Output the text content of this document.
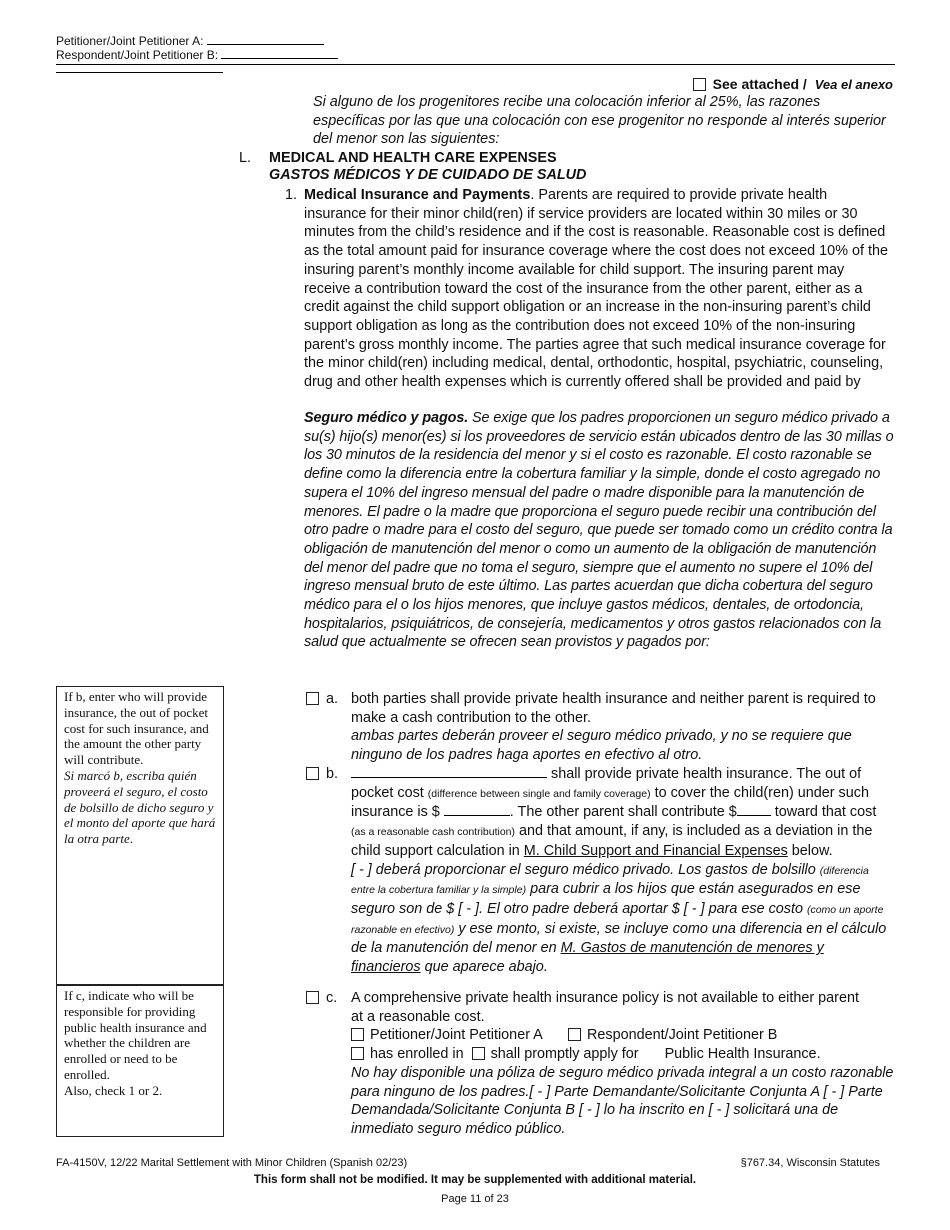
Petitioner/Joint Petitioner A:
Respondent/Joint Petitioner B:
See attached / Vea el anexo
Si alguno de los progenitores recibe una colocación inferior al 25%, las razones específicas por las que una colocación con ese progenitor no responde al interés superior del menor son las siguientes:
L. MEDICAL AND HEALTH CARE EXPENSES
GASTOS MÉDICOS Y DE CUIDADO DE SALUD
1. Medical Insurance and Payments. Parents are required to provide private health insurance for their minor child(ren) if service providers are located within 30 miles or 30 minutes from the child’s residence and if the cost is reasonable. Reasonable cost is defined as the total amount paid for insurance coverage where the cost does not exceed 10% of the insuring parent’s monthly income available for child support. The insuring parent may receive a contribution toward the cost of the insurance from the other parent, either as a credit against the child support obligation or an increase in the non-insuring parent’s child support obligation as long as the contribution does not exceed 10% of the non-insuring parent’s gross monthly income. The parties agree that such medical insurance coverage for the minor child(ren) including medical, dental, orthodontic, hospital, psychiatric, counseling, drug and other health expenses which is currently offered shall be provided and paid by
Seguro médico y pagos. Se exige que los padres proporcionen un seguro médico privado a su(s) hijo(s) menor(es) si los proveedores de servicio están ubicados dentro de las 30 millas o los 30 minutos de la residencia del menor y si el costo es razonable. El costo razonable se define como la diferencia entre la cobertura familiar y la simple, donde el costo agregado no supera el 10% del ingreso mensual del padre o madre disponible para la manutención de menores. El padre o la madre que proporciona el seguro puede recibir una contribución del otro padre o madre para el costo del seguro, que puede ser tomado como un crédito contra la obligación de manutención del menor o como un aumento de la obligación de manutención del menor del padre que no toma el seguro, siempre que el aumento no supere el 10% del ingreso mensual bruto de este último. Las partes acuerdan que dicha cobertura del seguro médico para el o los hijos menores, que incluye gastos médicos, dentales, de ortodoncia, hospitalarios, psiquiátricos, de consejería, medicamentos y otros gastos relacionados con la salud que actualmente se ofrecen sean provistos y pagados por:
a. both parties shall provide private health insurance and neither parent is required to make a cash contribution to the other.
ambas partes deberán proveer el seguro médico privado, y no se requiere que ninguno de los padres haga aportes en efectivo al otro.
b.	shall provide private health insurance. The out of pocket cost (difference between single and family coverage) to cover the child(ren) under such insurance is $	. The other parent shall contribute $ toward that cost (as a reasonable cash contribution) and that amount, if any, is included as a deviation in the child support calculation in M. Child Support and Financial Expenses below.
[ - ] deberá proporcionar el seguro médico privado. Los gastos de bolsillo (diferencia entre la cobertura familiar y la simple) para cubrir a los hijos que están asegurados en ese seguro son de $ [ - ]. El otro padre deberá aportar $ [ - ] para ese costo (como un aporte razonable en efectivo) y ese monto, si existe, se incluye como una diferencia en el cálculo de la manutención del menor en M. Gastos de manutención de menores y financieros que aparece abajo.
c. A comprehensive private health insurance policy is not available to either parent at a reasonable cost.
Petitioner/Joint Petitioner A	Respondent/Joint Petitioner B
has enrolled in shall promptly apply for Public Health Insurance.
No hay disponible una póliza de seguro médico privada integral a un costo razonable para ninguno de los padres.[ - ] Parte Demandante/Solicitante Conjunta A [ - ] Parte Demandada/Solicitante Conjunta B [ - ] lo ha inscrito en [ - ] solicitará una de inmediato seguro médico público.
If b, enter who will provide insurance, the out of pocket cost for such insurance, and the amount the other party will contribute.
Si marcó b, escriba quién proveerá el seguro, el costo de bolsillo de dicho seguro y el monto del aporte que hará la otra parte.
If c, indicate who will be responsible for providing public health insurance and whether the children are enrolled or need to be enrolled.
Also, check 1 or 2.
FA-4150V, 12/22 Marital Settlement with Minor Children (Spanish 02/23)	§767.34, Wisconsin Statutes
This form shall not be modified. It may be supplemented with additional material.
Page 11 of 23
